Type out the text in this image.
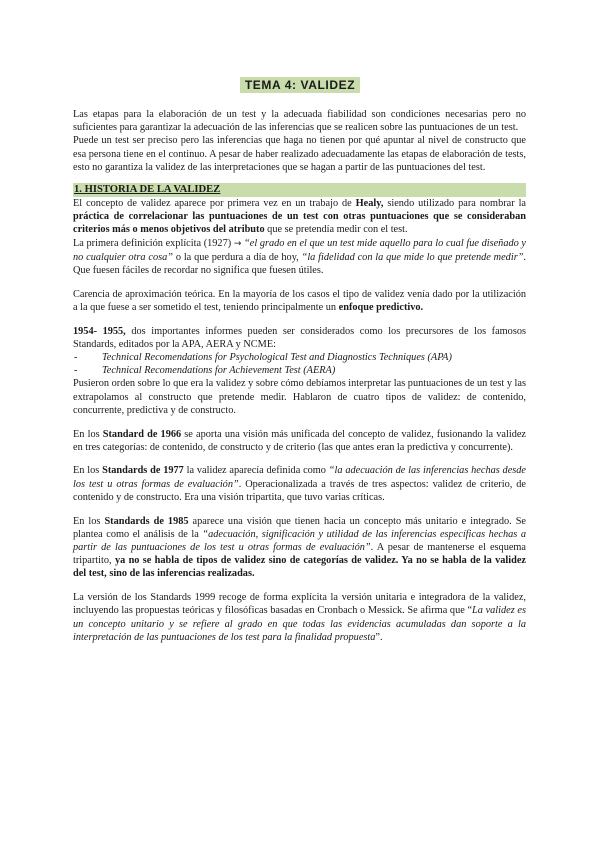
TEMA 4: VALIDEZ

Las etapas para la elaboración de un test y la adecuada fiabilidad son condiciones necesarias pero no suficientes para garantizar la adecuación de las inferencias que se realicen sobre las puntuaciones de un test.

Puede un test ser preciso pero las inferencias que haga no tienen por qué apuntar al nivel de constructo que esa persona tiene en el continuo. A pesar de haber realizado adecuadamente las etapas de elaboración de tests, esto no garantiza la validez de las interpretaciones que se hagan a partir de las puntuaciones del test.

1. HISTORIA DE LA VALIDEZ

El concepto de validez aparece por primera vez en un trabajo de Healy, siendo utilizado para nombrar la práctica de correlacionar las puntuaciones de un test con otras puntuaciones que se consideraban criterios más o menos objetivos del atributo que se pretendía medir con el test.

La primera definición explícita (1927) → “el grado en el que un test mide aquello para lo cual fue diseñado y no cualquier otra cosa” o la que perdura a día de hoy, “la fidelidad con la que mide lo que pretende medir”. Que fuesen fáciles de recordar no significa que fuesen útiles.

Carencia de aproximación teórica. En la mayoría de los casos el tipo de validez venía dado por la utilización a la que fuese a ser sometido el test, teniendo principalmente un enfoque predictivo.

1954- 1955, dos importantes informes pueden ser considerados como los precursores de los famosos Standards, editados por la APA, AERA y NCME:

- Technical Recomendations for Psychological Test and Diagnostics Techniques (APA)
- Technical Recomendations for Achievement Test (AERA)

Pusieron orden sobre lo que era la validez y sobre cómo debíamos interpretar las puntuaciones de un test y las extrapolamos al constructo que pretende medir. Hablaron de cuatro tipos de validez: de contenido, concurrente, predictiva y de constructo.

En los Standard de 1966 se aporta una visión más unificada del concepto de validez, fusionando la validez en tres categorías: de contenido, de constructo y de criterio (las que antes eran la predictiva y concurrente).

En los Standards de 1977 la validez aparecía definida como “la adecuación de las inferencias hechas desde los test u otras formas de evaluación”. Operacionalizada a través de tres aspectos: validez de criterio, de contenido y de constructo. Era una visión tripartita, que tuvo varias críticas.

En los Standards de 1985 aparece una visión que tienen hacia un concepto más unitario e integrado. Se plantea como el análisis de la “adecuación, significación y utilidad de las inferencias específicas hechas a partir de las puntuaciones de los test u otras formas de evaluación”. A pesar de mantenerse el esquema tripartito, ya no se habla de tipos de validez sino de categorías de validez. Ya no se habla de la validez del test, sino de las inferencias realizadas.

La versión de los Standards 1999 recoge de forma explícita la versión unitaria e integradora de la validez, incluyendo las propuestas teóricas y filosóficas basadas en Cronbach o Messick. Se afirma que “La validez es un concepto unitario y se refiere al grado en que todas las evidencias acumuladas dan soporte a la interpretación de las puntuaciones de los test para la finalidad propuesta”.
